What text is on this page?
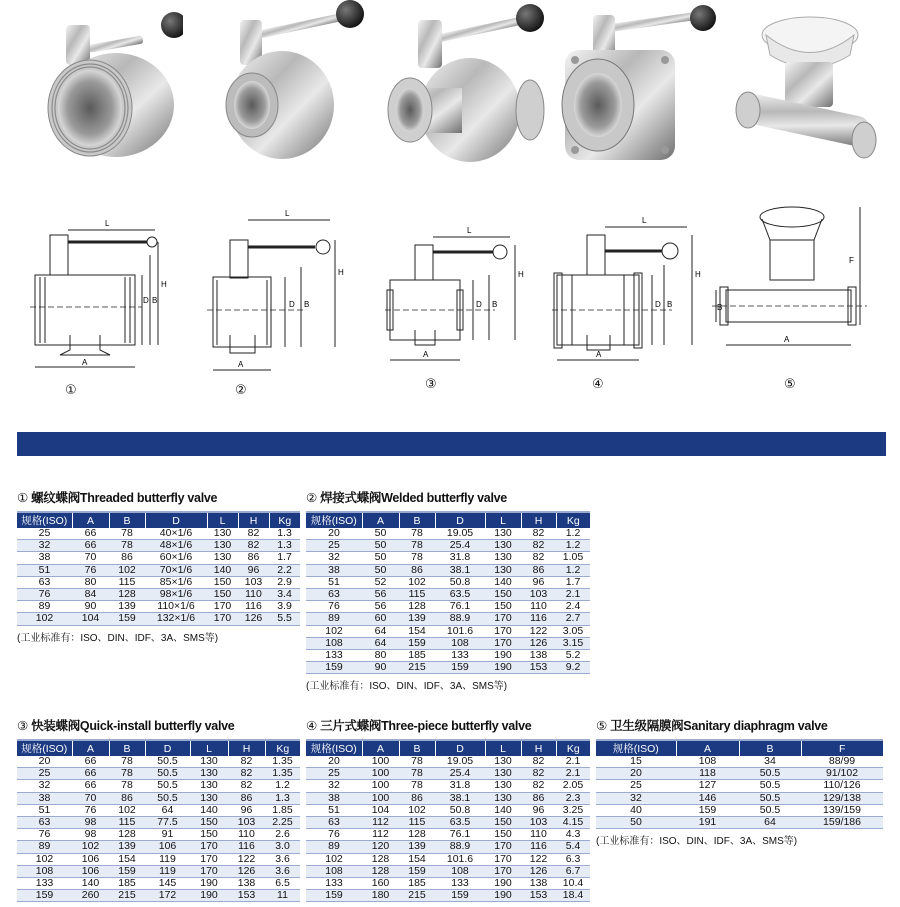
L
H
B
D
A
①
L
H
D B
A
②
L
H
D B
A
③
L
H
D B
A
④
F
B
A
⑤
① 螺纹蝶阀Threaded butterfly valve
规格(ISO)	A	B	D	L	H	Kg
25	66	78	40×1/6	130	82	1.3
32	66	78	48×1/6	130	82	1.3
38	70	86	60×1/6	130	86	1.7
51	76	102	70×1/6	140	96	2.2
63	80	115	85×1/6	150	103	2.9
76	84	128	98×1/6	150	110	3.4
89	90	139	110×1/6	170	116	3.9
102	104	159	132×1/6	170	126	5.5
(工业标准有：ISO、DIN、IDF、3A、SMS等)
② 焊接式蝶阀Welded butterfly valve
规格(ISO)	A	B	D	L	H	Kg
20	50	78	19.05	130	82	1.2
25	50	78	25.4	130	82	1.2
32	50	78	31.8	130	82	1.05
38	50	86	38.1	130	86	1.2
51	52	102	50.8	140	96	1.7
63	56	115	63.5	150	103	2.1
76	56	128	76.1	150	110	2.4
89	60	139	88.9	170	116	2.7
102	64	154	101.6	170	122	3.05
108	64	159	108	170	126	3.15
133	80	185	133	190	138	5.2
159	90	215	159	190	153	9.2
(工业标准有：ISO、DIN、IDF、3A、SMS等)
③ 快装蝶阀Quick-install butterfly valve
规格(ISO)	A	B	D	L	H	Kg
20	66	78	50.5	130	82	1.35
25	66	78	50.5	130	82	1.35
32	66	78	50.5	130	82	1.2
38	70	86	50.5	130	86	1.3
51	76	102	64	140	96	1.85
63	98	115	77.5	150	103	2.25
76	98	128	91	150	110	2.6
89	102	139	106	170	116	3.0
102	106	154	119	170	122	3.6
108	106	159	119	170	126	3.6
133	140	185	145	190	138	6.5
159	260	215	172	190	153	11
④ 三片式蝶阀Three-piece butterfly valve
规格(ISO)	A	B	D	L	H	Kg
20	100	78	19.05	130	82	2.1
25	100	78	25.4	130	82	2.1
32	100	78	31.8	130	82	2.05
38	100	86	38.1	130	86	2.3
51	104	102	50.8	140	96	3.25
63	112	115	63.5	150	103	4.15
76	112	128	76.1	150	110	4.3
89	120	139	88.9	170	116	5.4
102	128	154	101.6	170	122	6.3
108	128	159	108	170	126	6.7
133	160	185	133	190	138	10.4
159	180	215	159	190	153	18.4
⑤ 卫生级隔膜阀Sanitary diaphragm valve
规格(ISO)	A	B	F
15	108	34	88/99
20	118	50.5	91/102
25	127	50.5	110/126
32	146	50.5	129/138
40	159	50.5	139/159
50	191	64	159/186
(工业标准有：ISO、DIN、IDF、3A、SMS等)
